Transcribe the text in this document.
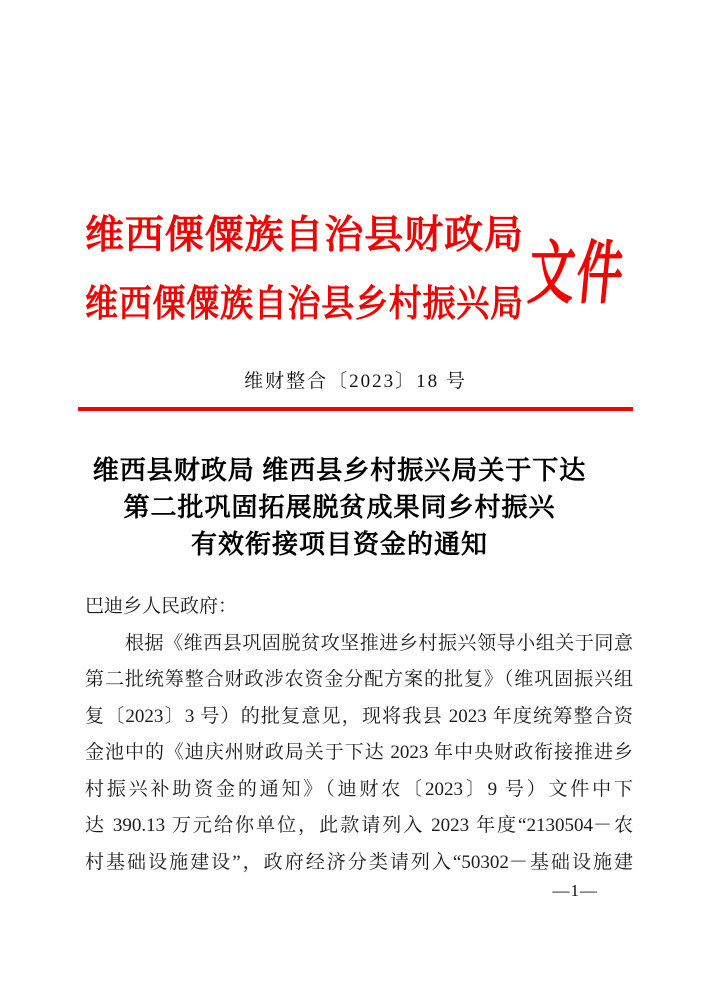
维西傈僳族自治县财政局
维西傈僳族自治县乡村振兴局 文件
维财整合〔2023〕18 号
维西县财政局 维西县乡村振兴局关于下达
第二批巩固拓展脱贫成果同乡村振兴
有效衔接项目资金的通知
巴迪乡人民政府：
根据《维西县巩固脱贫攻坚推进乡村振兴领导小组关于同意
第二批统筹整合财政涉农资金分配方案的批复》（维巩固振兴组
复〔2023〕3 号）的批复意见，现将我县 2023 年度统筹整合资
金池中的《迪庆州财政局关于下达 2023 年中央财政衔接推进乡
村振兴补助资金的通知》（迪财农〔2023〕9 号）文件中下
达 390.13 万元给你单位，此款请列入 2023 年度“2130504－农
村基础设施建设”，政府经济分类请列入“50302－基础设施建
—1—
